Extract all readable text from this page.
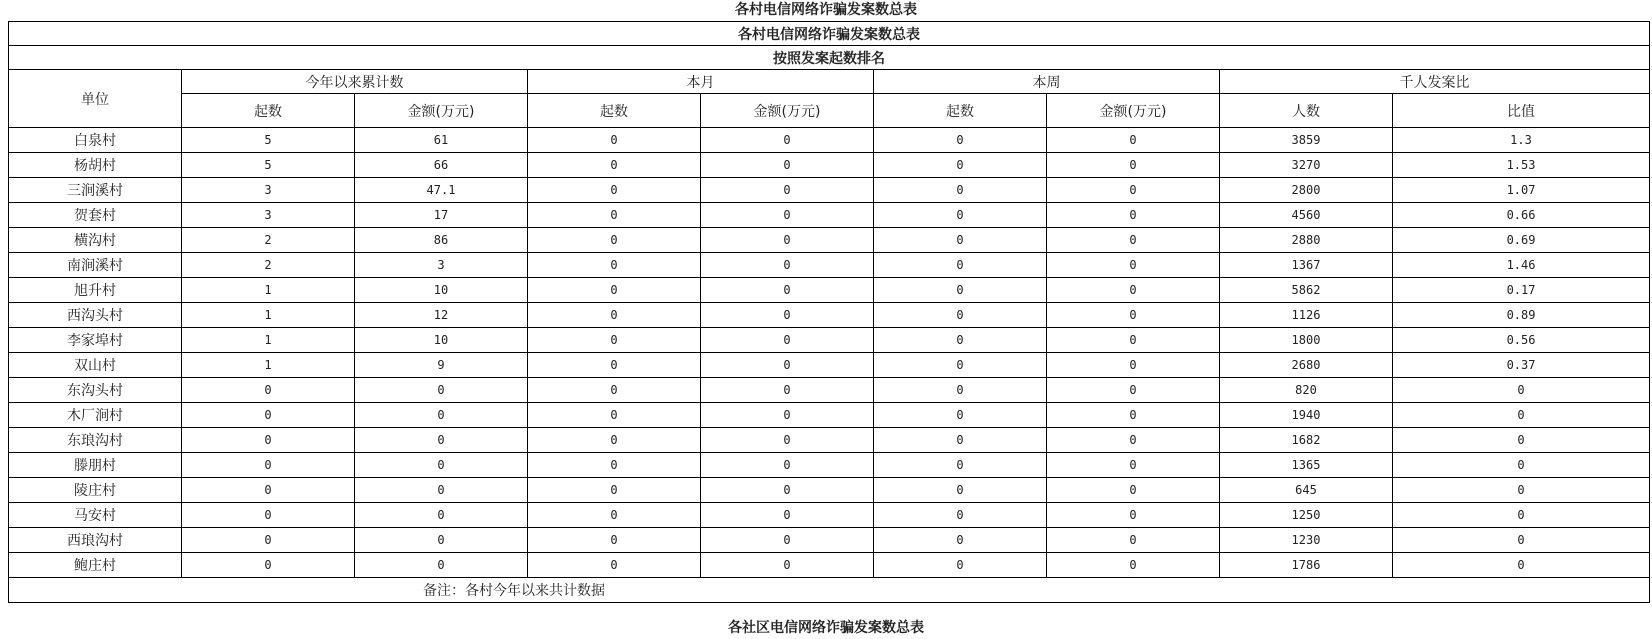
各村电信网络诈骗发案数总表
各村电信网络诈骗发案数总表								
按照发案起数排名								
单位	今年以来累计数		本月		本周		千人发案比	
	起数	金额(万元)	起数	金额(万元)	起数	金额(万元)	人数	比值
白泉村	5	61	0	0	0	0	3859	1.3
杨胡村	5	66	0	0	0	0	3270	1.53
三涧溪村	3	47.1	0	0	0	0	2800	1.07
贺套村	3	17	0	0	0	0	4560	0.66
横沟村	2	86	0	0	0	0	2880	0.69
南涧溪村	2	3	0	0	0	0	1367	1.46
旭升村	1	10	0	0	0	0	5862	0.17
西沟头村	1	12	0	0	0	0	1126	0.89
李家埠村	1	10	0	0	0	0	1800	0.56
双山村	1	9	0	0	0	0	2680	0.37
东沟头村	0	0	0	0	0	0	820	0
木厂涧村	0	0	0	0	0	0	1940	0
东琅沟村	0	0	0	0	0	0	1682	0
滕朋村	0	0	0	0	0	0	1365	0
陵庄村	0	0	0	0	0	0	645	0
马安村	0	0	0	0	0	0	1250	0
西琅沟村	0	0	0	0	0	0	1230	0
鲍庄村	0	0	0	0	0	0	1786	0
备注：各村今年以来共计数据								
各社区电信网络诈骗发案数总表
